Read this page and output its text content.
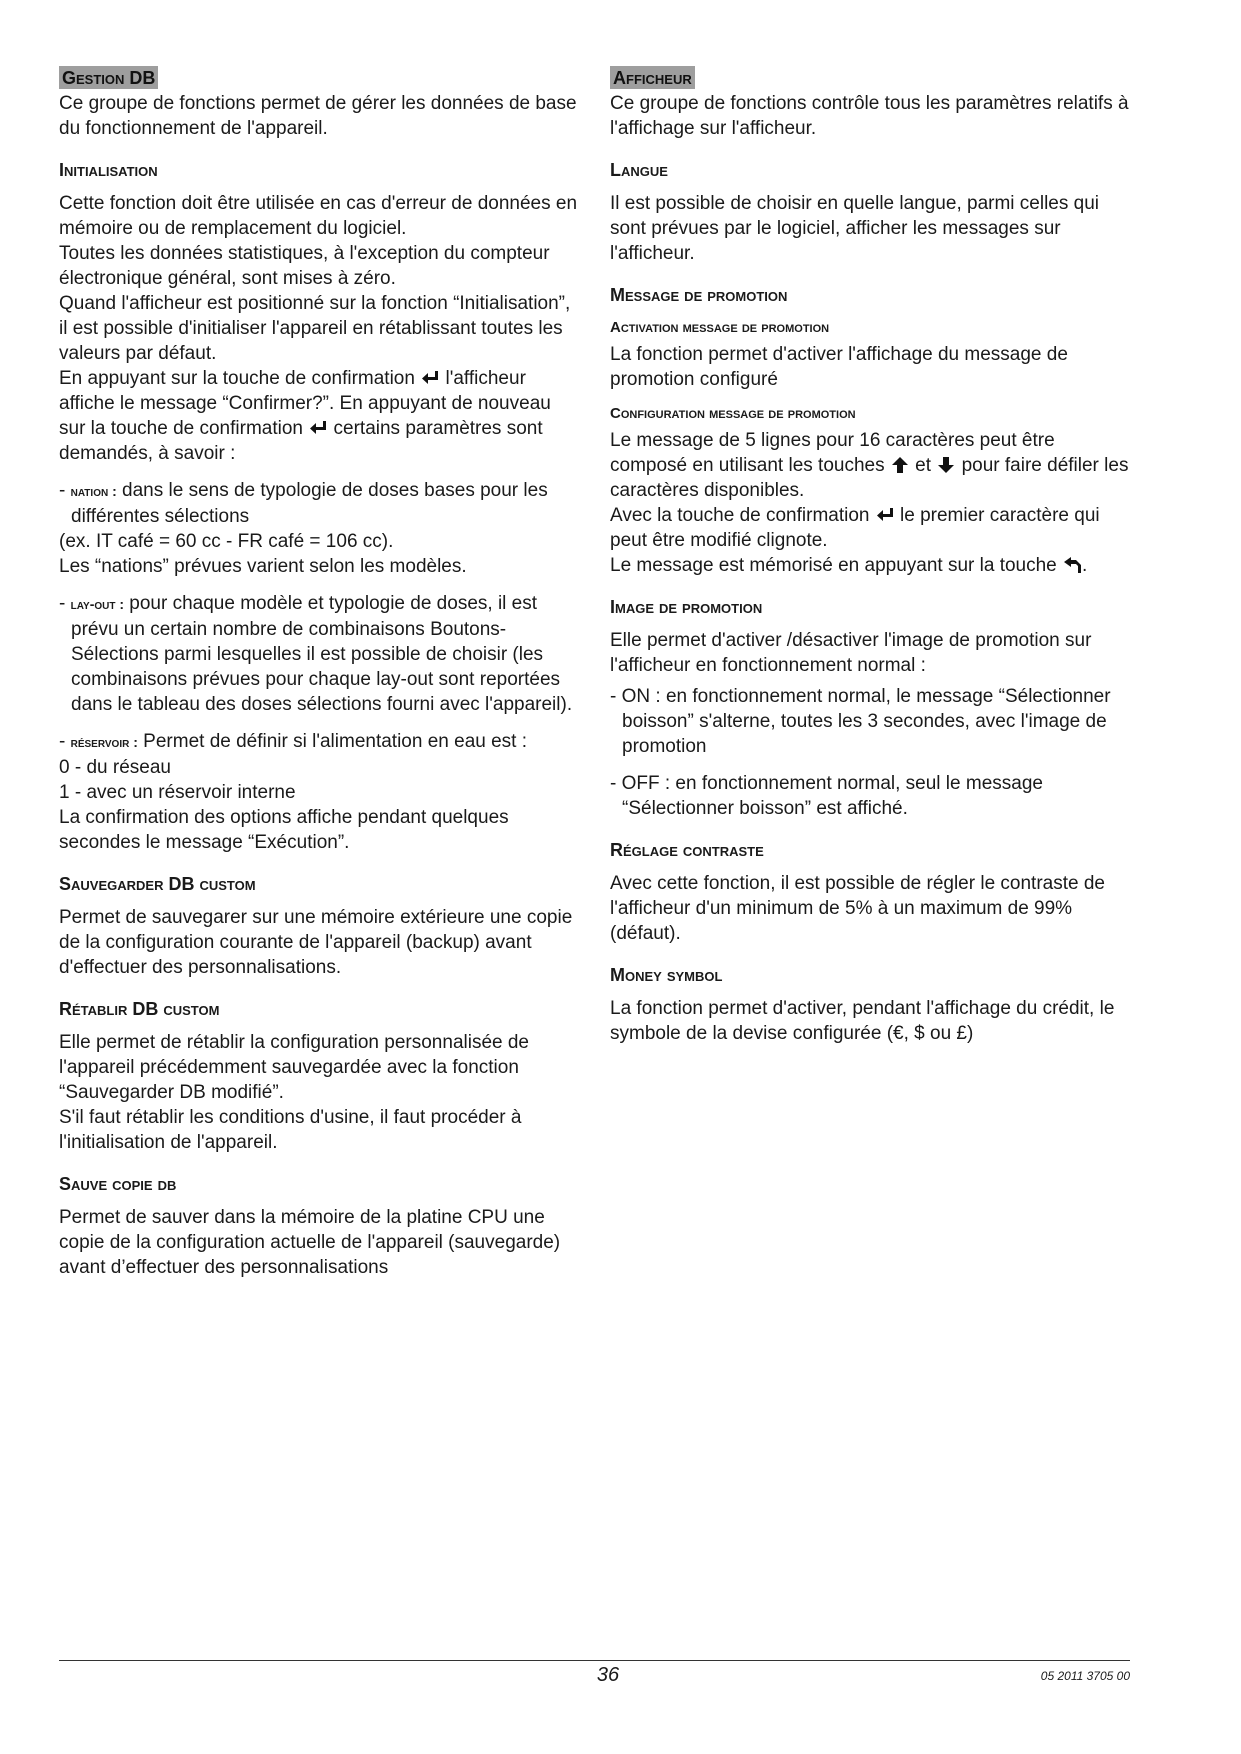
Gestion DB

Ce groupe de fonctions permet de gérer les données de base du fonctionnement de l'appareil.

Initialisation

Cette fonction doit être utilisée en cas d'erreur de données en mémoire ou de remplacement du logiciel.

Toutes les données statistiques, à l'exception du compteur électronique général, sont mises à zéro.

Quand l'afficheur est positionné sur la fonction “Initialisation”, il est possible d'initialiser l'appareil en rétablissant toutes les valeurs par défaut.

En appuyant sur la touche de confirmation l'afficheur affiche le message “Confirmer?”. En appuyant de nouveau sur la touche de confirmation certains paramètres sont demandés, à savoir :

- nation : dans le sens de typologie de doses bases pour les différentes sélections
(ex. IT café = 60 cc - FR café = 106 cc).
Les “nations” prévues varient selon les modèles.
- lay-out : pour chaque modèle et typologie de doses, il est prévu un certain nombre de combinaisons Boutons-Sélections parmi lesquelles il est possible de choisir (les combinaisons prévues pour chaque lay-out sont reportées dans le tableau des doses sélections fourni avec l'appareil).
- réservoir : Permet de définir si l'alimentation en eau est :
0 - du réseau
1 - avec un réservoir interne

La confirmation des options affiche pendant quelques secondes le message “Exécution”.

Sauvegarder DB custom

Permet de sauvegarer sur une mémoire extérieure une copie de la configuration courante de l'appareil (backup) avant d'effectuer des personnalisations.

Rétablir DB custom

Elle permet de rétablir la configuration personnalisée de l'appareil précédemment sauvegardée avec la fonction “Sauvegarder DB modifié”.

S'il faut rétablir les conditions d'usine, il faut procéder à l'initialisation de l'appareil.

Sauve copie db

Permet de sauver dans la mémoire de la platine CPU une copie de la configuration actuelle de l'appareil (sauvegarde) avant d’effectuer des personnalisations

Afficheur

Ce groupe de fonctions contrôle tous les paramètres relatifs à l'affichage sur l'afficheur.

Langue

Il est possible de choisir en quelle langue, parmi celles qui sont prévues par le logiciel, afficher les messages sur l'afficheur.

Message de promotion
Activation message de promotion

La fonction permet d'activer l'affichage du message de promotion configuré

Configuration message de promotion

Le message de 5 lignes pour 16 caractères peut être composé en utilisant les touches et pour faire défiler les caractères disponibles.

Avec la touche de confirmation le premier caractère qui peut être modifié clignote.

Le message est mémorisé en appuyant sur la touche .

Image de promotion

Elle permet d'activer /désactiver l'image de promotion sur l'afficheur en fonctionnement normal :

- ON : en fonctionnement normal, le message “Sélectionner boisson” s'alterne, toutes les 3 secondes, avec l'image de promotion
- OFF : en fonctionnement normal, seul le message “Sélectionner boisson” est affiché.
Réglage contraste

Avec cette fonction, il est possible de régler le contraste de l'afficheur d'un minimum de 5% à un maximum de 99% (défaut).

Money symbol

La fonction permet d'activer, pendant l'affichage du crédit, le symbole de la devise configurée (€, $ ou £)

36	05 2011 3705 00
